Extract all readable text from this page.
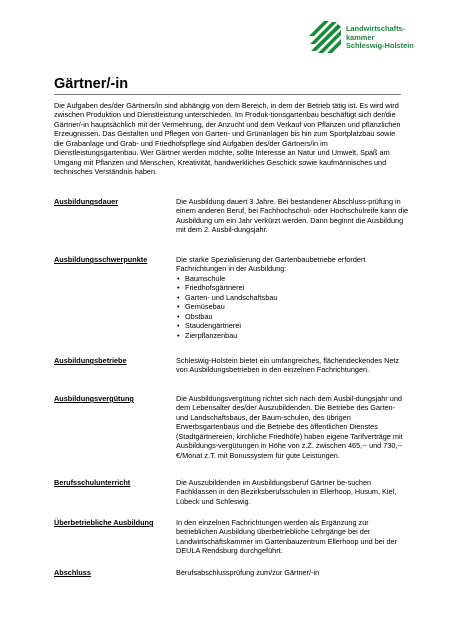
Landwirtschafts-
kammer
Schleswig-Holstein
Gärtner/-in

Die Aufgaben des/der Gärtners/in sind abhängig von dem Bereich, in dem der Betrieb tätig ist. Es wird wird zwischen Produktion und Dienstleistung unterschieden. Im Produk-tionsgartenbau beschäftigt sich der/die Gärtner/-in hauptsächlich mit der Vermehrung, der Anzucht und dem Verkauf von Pflanzen und pflanzlichen Erzeugnissen. Das Gestalten und Pflegen von Garten- und Grünanlagen bis hin zum Sportplatzbau sowie die Grabanlage und Grab- und Friedhofspflege sind Aufgaben des/der Gärtners/in im Dienstleistungsgartenbau. Wer Gärtner werden möchte, sollte Interesse an Natur und Umwelt, Spaß am Umgang mit Pflanzen und Menschen, Kreativität, handwerkliches Geschick sowie kaufmännisches und technisches Verständnis haben.

Ausbildungsdauer	Die Ausbildung dauert 3 Jahre. Bei bestandener Abschluss-prüfung in einem anderen Beruf, bei Fachhochschul- oder Hochschulreife kann die Ausbildung um ein Jahr verkürzt werden. Dann beginnt die Ausbildung mit dem 2. Ausbil-dungsjahr.
Ausbildungsschwerpunkte	Die starke Spezialisierung der Gartenbaubetriebe erfordert Fachrichtungen in der Ausbildung:
• Baumschule
• Friedhofsgärtnerei
• Garten- und Landschaftsbau
• Gemüsebau
• Obstbau
• Staudengärtnerei
• Zierpflanzenbau
Ausbildungsbetriebe	Schleswig-Holstein bietet ein umfangreiches, flächendeckendes Netz von Ausbildungsbetrieben in den einzelnen Fachrichtungen.
Ausbildungsvergütung	Die Ausbildungsvergütung richtet sich nach dem Ausbil-dungsjahr und dem Lebensalter des/der Auszubildenden. Die Betriebe des Garten- und Landschaftsbaus, der Baum-schulen, des übrigen Erwerbsgartenbaus und die Betriebe des öffentlichen Dienstes (Stadtgärtnereien, kirchliche Friedhöfe) haben eigene Tarifverträge mit Ausbildungs-vergütungen in Höhe von z.Z. zwischen 465,-- und 730,-- €/Monat z.T. mit Bonussystem für gute Leistungen.
Berufsschulunterricht	Die Auszubildenden im Ausbildungsberuf Gärtner be-suchen Fachklassen in den Bezirksberufsschulen in Ellerhoop, Husum, Kiel, Lübeck und Schleswig.
Überbetriebliche Ausbildung	In den einzelnen Fachrichtungen werden als Ergänzung zur betrieblichen Ausbildung überbetriebliche Lehrgänge bei der Landwirtschaftskammer im Gartenbauzentrum Ellerhoop und bei der DEULA Rendsburg durchgeführt.
Abschluss	Berufsabschlussprüfung zum/zur Gärtner/-in
